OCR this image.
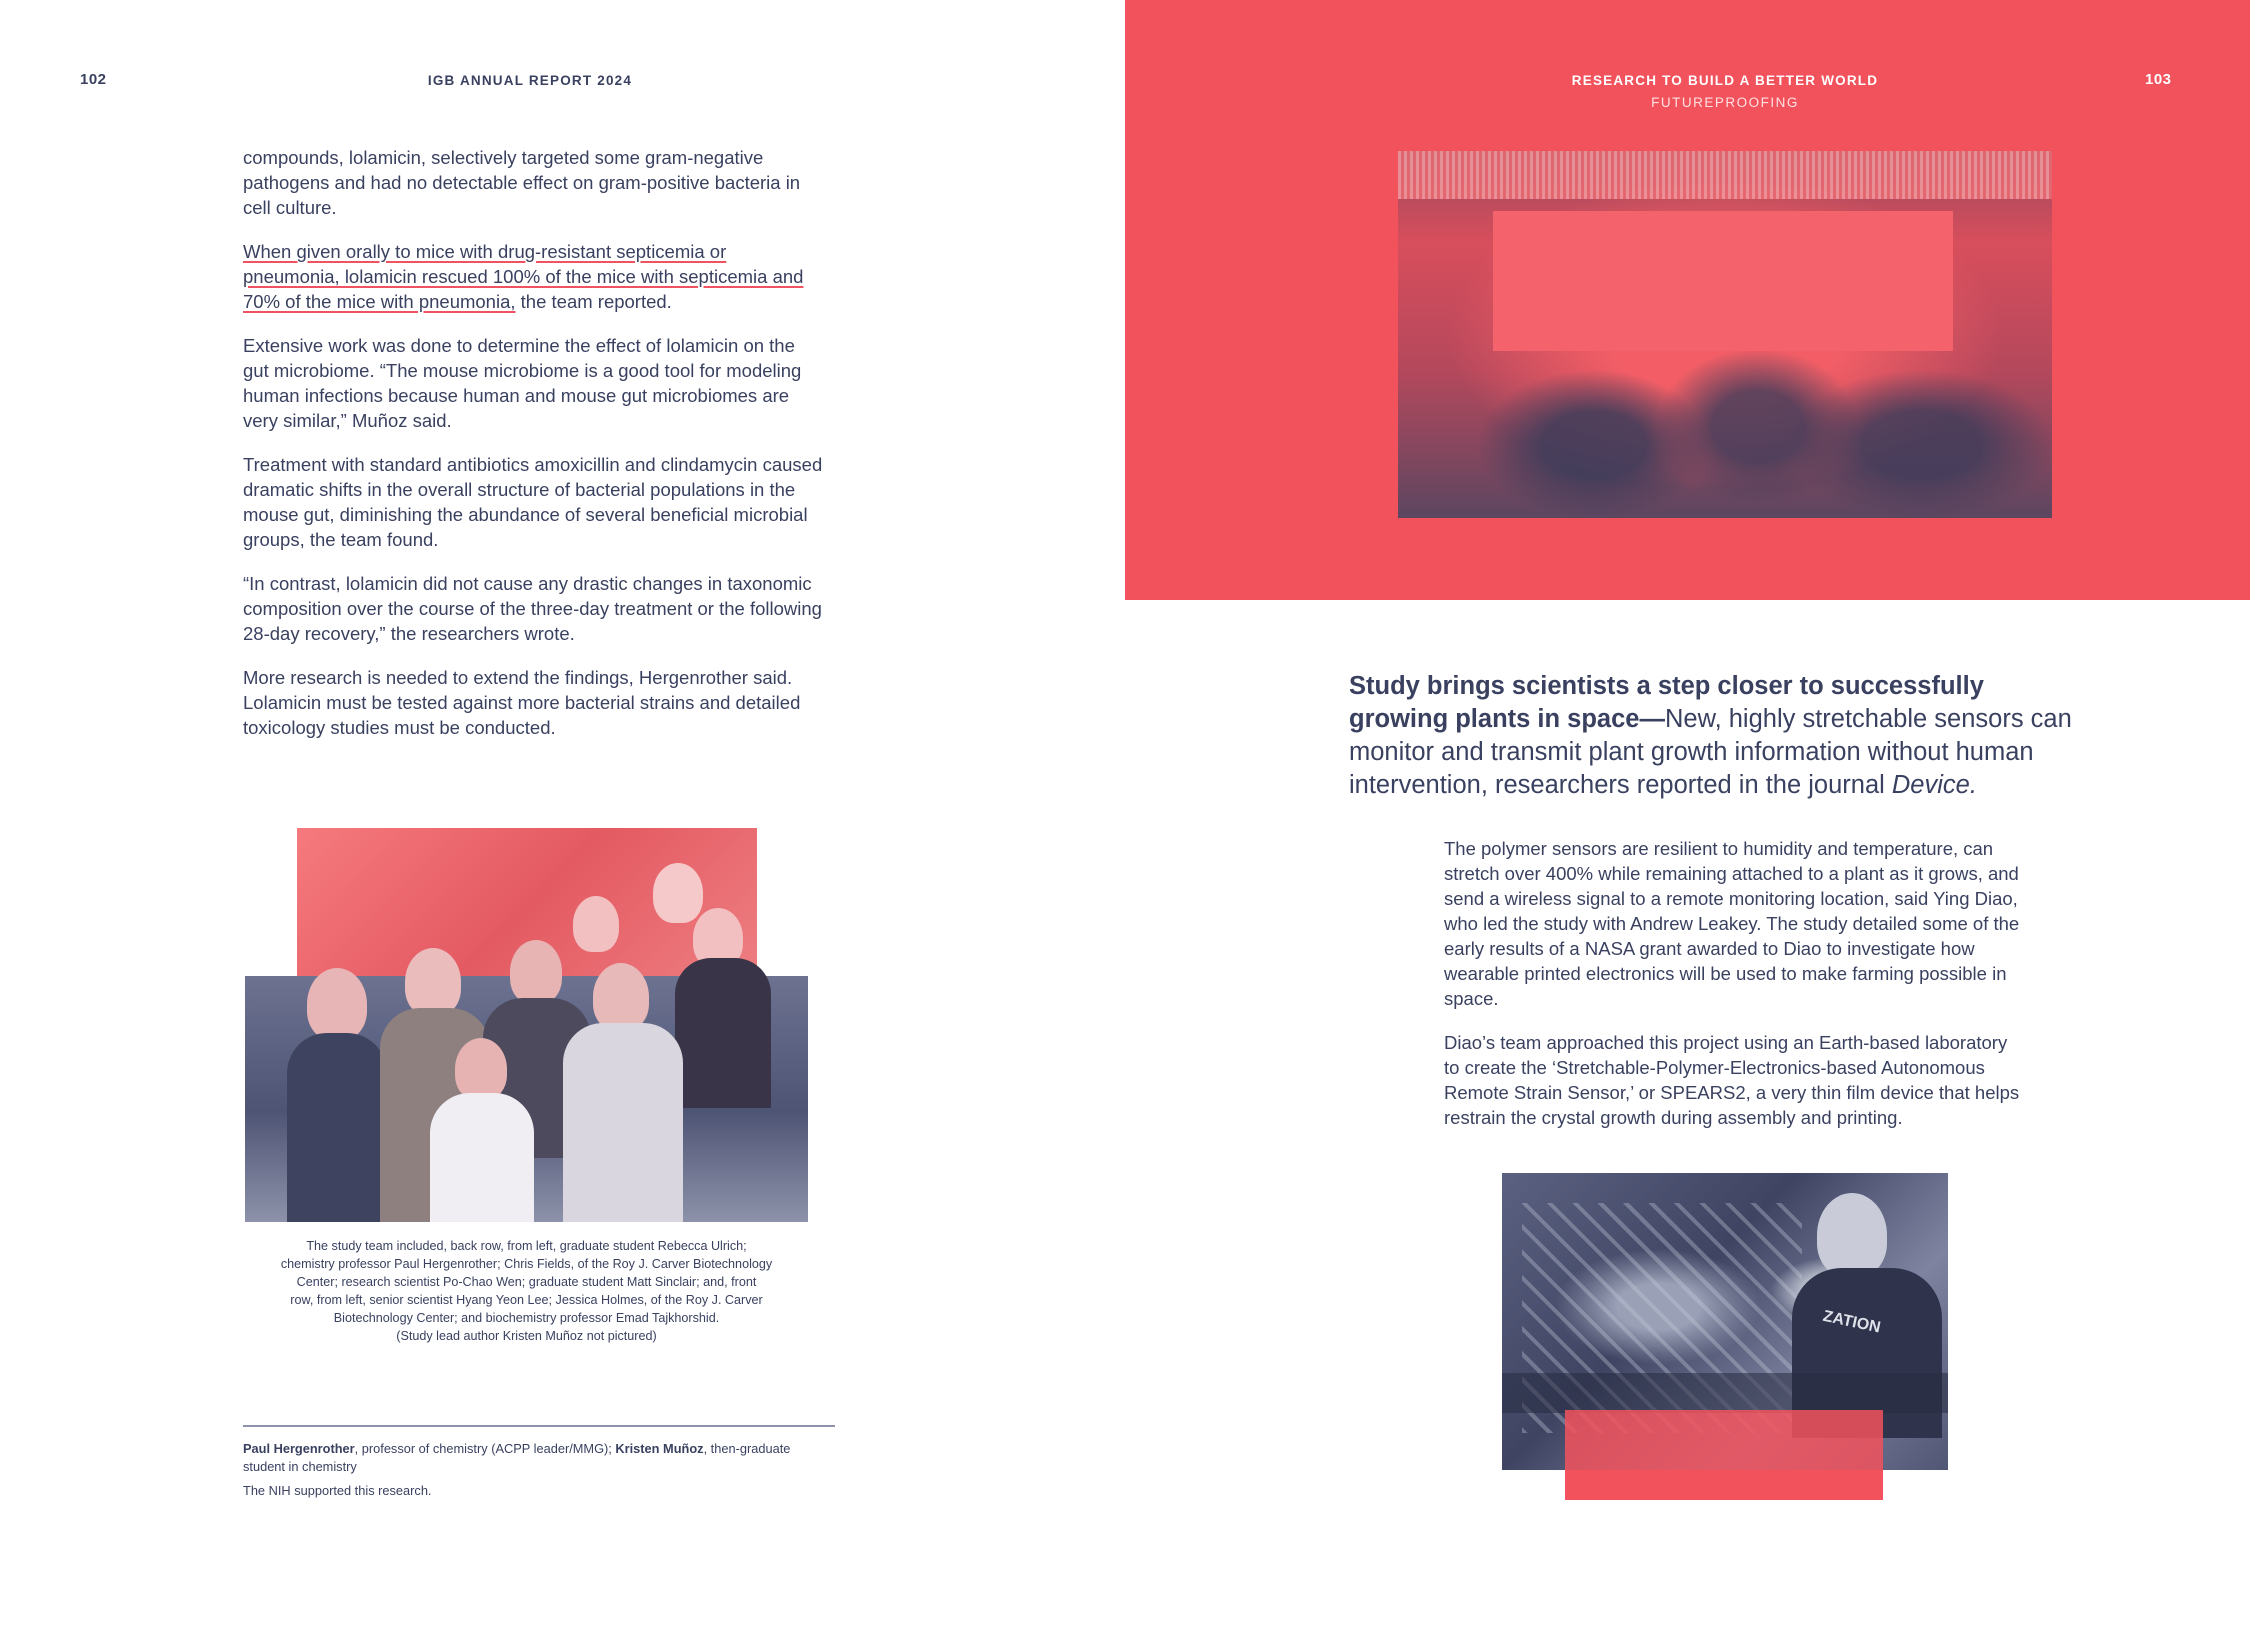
102	IGB ANNUAL REPORT 2024

compounds, lolamicin, selectively targeted some gram-negative pathogens and had no detectable effect on gram-positive bacteria in cell culture.

When given orally to mice with drug-resistant septicemia or pneumonia, lolamicin rescued 100% of the mice with septicemia and 70% of the mice with pneumonia, the team reported.

Extensive work was done to determine the effect of lolamicin on the gut microbiome. “The mouse microbiome is a good tool for modeling human infections because human and mouse gut microbiomes are very similar,” Muñoz said.

Treatment with standard antibiotics amoxicillin and clindamycin caused dramatic shifts in the overall structure of bacterial populations in the mouse gut, diminishing the abundance of several beneficial microbial groups, the team found.

“In contrast, lolamicin did not cause any drastic changes in taxonomic composition over the course of the three-day treatment or the following 28-day recovery,” the researchers wrote.

More research is needed to extend the findings, Hergenrother said. Lolamicin must be tested against more bacterial strains and detailed toxicology studies must be conducted.

The study team included, back row, from left, graduate student Rebecca Ulrich;
chemistry professor Paul Hergenrother; Chris Fields, of the Roy J. Carver Biotechnology
Center; research scientist Po-Chao Wen; graduate student Matt Sinclair; and, front
row, from left, senior scientist Hyang Yeon Lee; Jessica Holmes, of the Roy J. Carver
Biotechnology Center; and biochemistry professor Emad Tajkhorshid.
(Study lead author Kristen Muñoz not pictured)
Paul Hergenrother, professor of chemistry (ACPP leader/MMG); Kristen Muñoz, then-graduate student in chemistry
The NIH supported this research.
RESEARCH TO BUILD A BETTER WORLD
FUTUREPROOFING
103
Study brings scientists a step closer to successfully growing plants in space—New, highly stretchable sensors can monitor and transmit plant growth information without human intervention, researchers reported in the journal Device.

The polymer sensors are resilient to humidity and temperature, can stretch over 400% while remaining attached to a plant as it grows, and send a wireless signal to a remote monitoring location, said Ying Diao, who led the study with Andrew Leakey. The study detailed some of the early results of a NASA grant awarded to Diao to investigate how wearable printed electronics will be used to make farming possible in space.

Diao’s team approached this project using an Earth-based laboratory to create the ‘Stretchable-Polymer-Electronics-based Autonomous Remote Strain Sensor,’ or SPEARS2, a very thin film device that helps restrain the crystal growth during assembly and printing.

ZATION
